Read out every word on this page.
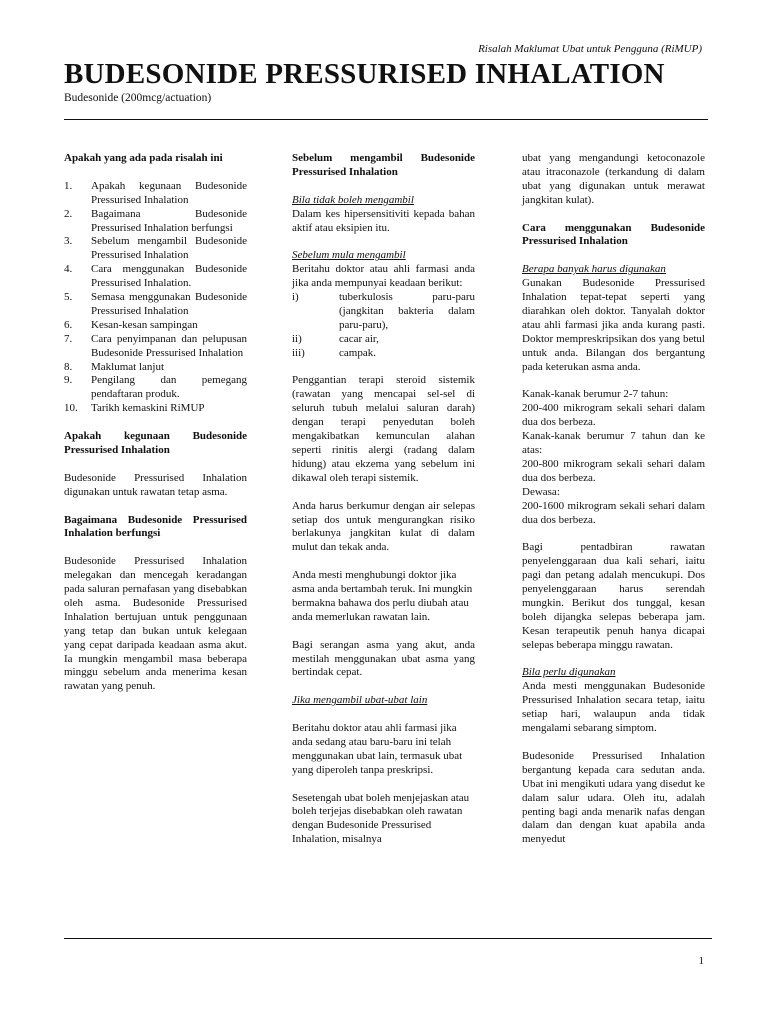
Risalah Maklumat Ubat untuk Pengguna (RiMUP)
BUDESONIDE PRESSURISED INHALATION
Budesonide (200mcg/actuation)
Apakah yang ada pada risalah ini
1.	Apakah kegunaan Budesonide Pressurised Inhalation
2.	Bagaimana Budesonide Pressurised Inhalation berfungsi
3.	Sebelum mengambil Budesonide Pressurised Inhalation
4.	Cara menggunakan Budesonide Pressurised Inhalation.
5.	Semasa menggunakan Budesonide Pressurised Inhalation
6.	Kesan-kesan sampingan
7.	Cara penyimpanan dan pelupusan Budesonide Pressurised Inhalation
8.	Maklumat lanjut
9.	Pengilang dan pemegang pendaftaran produk.
10.	Tarikh kemaskini RiMUP
Apakah kegunaan Budesonide Pressurised Inhalation

Budesonide Pressurised Inhalation digunakan untuk rawatan tetap asma.

Bagaimana Budesonide Pressurised Inhalation berfungsi

Budesonide Pressurised Inhalation melegakan dan mencegah keradangan pada saluran pernafasan yang disebabkan oleh asma. Budesonide Pressurised Inhalation bertujuan untuk penggunaan yang tetap dan bukan untuk kelegaan yang cepat daripada keadaan asma akut. Ia mungkin mengambil masa beberapa minggu sebelum anda menerima kesan rawatan yang penuh.

Sebelum mengambil Budesonide Pressurised Inhalation
Bila tidak boleh mengambil

Dalam kes hipersensitiviti kepada bahan aktif atau eksipien itu.

Sebelum mula mengambil

Beritahu doktor atau ahli farmasi anda jika anda mempunyai keadaan berikut:

i)	tuberkulosis paru-paru (jangkitan bakteria dalam paru-paru),
ii)	cacar air,
iii)	campak.

Penggantian terapi steroid sistemik (rawatan yang mencapai sel-sel di seluruh tubuh melalui saluran darah) dengan terapi penyedutan boleh mengakibatkan kemunculan alahan seperti rinitis alergi (radang dalam hidung) atau ekzema yang sebelum ini dikawal oleh terapi sistemik.

Anda harus berkumur dengan air selepas setiap dos untuk mengurangkan risiko berlakunya jangkitan kulat di dalam mulut dan tekak anda.

Anda mesti menghubungi doktor jika asma anda bertambah teruk. Ini mungkin bermakna bahawa dos perlu diubah atau anda memerlukan rawatan lain.

Bagi serangan asma yang akut, anda mestilah menggunakan ubat asma yang bertindak cepat.

Jika mengambil ubat-ubat lain

Beritahu doktor atau ahli farmasi jika anda sedang atau baru-baru ini telah menggunakan ubat lain, termasuk ubat yang diperoleh tanpa preskripsi.

Sesetengah ubat boleh menjejaskan atau boleh terjejas disebabkan oleh rawatan dengan Budesonide Pressurised Inhalation, misalnya

ubat yang mengandungi ketoconazole atau itraconazole (terkandung di dalam ubat yang digunakan untuk merawat jangkitan kulat).

Cara menggunakan Budesonide Pressurised Inhalation
Berapa banyak harus digunakan

Gunakan Budesonide Pressurised Inhalation tepat-tepat seperti yang diarahkan oleh doktor. Tanyalah doktor atau ahli farmasi jika anda kurang pasti. Doktor mempreskripsikan dos yang betul untuk anda. Bilangan dos bergantung pada keterukan asma anda.

Kanak-kanak berumur 2-7 tahun:

200-400 mikrogram sekali sehari dalam dua dos berbeza.

Kanak-kanak berumur 7 tahun dan ke atas:

200-800 mikrogram sekali sehari dalam dua dos berbeza.

Dewasa:

200-1600 mikrogram sekali sehari dalam dua dos berbeza.

Bagi pentadbiran rawatan penyelenggaraan dua kali sehari, iaitu pagi dan petang adalah mencukupi. Dos penyelenggaraan harus serendah mungkin. Berikut dos tunggal, kesan boleh dijangka selepas beberapa jam. Kesan terapeutik penuh hanya dicapai selepas beberapa minggu rawatan.

Bila perlu digunakan

Anda mesti menggunakan Budesonide Pressurised Inhalation secara tetap, iaitu setiap hari, walaupun anda tidak mengalami sebarang simptom.

Budesonide Pressurised Inhalation bergantung kepada cara sedutan anda. Ubat ini mengikuti udara yang disedut ke dalam salur udara. Oleh itu, adalah penting bagi anda menarik nafas dengan dalam dan dengan kuat apabila anda menyedut

1
